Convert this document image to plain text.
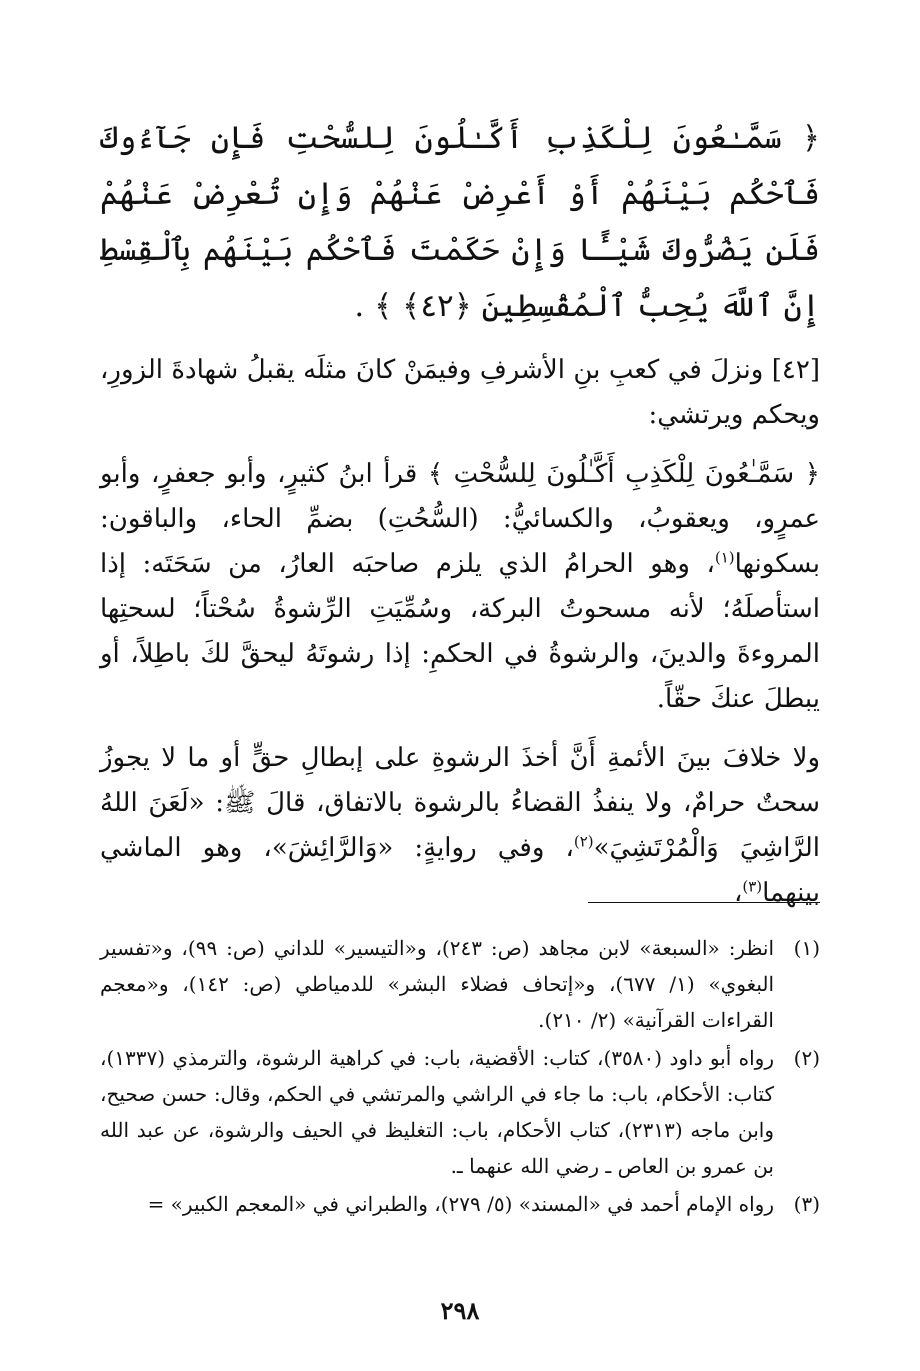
﴿ سَمَّـٰعُونَ لِلْكَذِبِ أَكَّـٰلُونَ لِلسُّحْتِ فَإِن جَآءُوكَ فَٱحْكُم بَيْنَهُمْ أَوْ أَعْرِضْ عَنْهُمْ وَإِن تُعْرِضْ عَنْهُمْ فَلَن يَضُرُّوكَ شَيْـًٔا وَإِنْ حَكَمْتَ فَٱحْكُم بَيْنَهُم بِٱلْقِسْطِ إِنَّ ٱللَّهَ يُحِبُّ ٱلْمُقْسِطِينَ ﴿٤٢﴾ ﴾ .

[٤٢] ونزلَ في كعبِ بنِ الأشرفِ وفيمَنْ كانَ مثلَه يقبلُ شهادةَ الزورِ، ويحكم ويرتشي:

﴿ سَمَّـٰعُونَ لِلْكَذِبِ أَكَّـٰلُونَ لِلسُّحْتِ ﴾ قرأ ابنُ كثيرٍ، وأبو جعفرٍ، وأبو عمرٍو، ويعقوبُ، والكسائيُّ: (السُّحُتِ) بضمِّ الحاء، والباقون: بسكونها$^{(١)}$، وهو الحرامُ الذي يلزم صاحبَه العارُ، من سَحَتَه: إذا استأصلَهُ؛ لأنه مسحوتُ البركة، وسُمِّيَتِ الرِّشوةُ سُحْتاً؛ لسحتِها المروءةَ والدينَ، والرشوةُ في الحكمِ: إذا رشوتَهُ ليحقَّ لكَ باطِلاً، أو يبطلَ عنكَ حقّاً.

ولا خلافَ بينَ الأئمةِ أَنَّ أخذَ الرشوةِ على إبطالِ حقٍّ أو ما لا يجوزُ سحتٌ حرامٌ، ولا ينفذُ القضاءُ بالرشوة بالاتفاق، قالَ ﷺ: «لَعَنَ اللهُ الرَّاشِيَ وَالْمُرْتَشِيَ»$^{(٢)}$، وفي روايةٍ: «وَالرَّائِشَ»، وهو الماشي بينهما$^{(٣)}$،

(١)
انظر: «السبعة» لابن مجاهد (ص: ٢٤٣)، و«التيسير» للداني (ص: ٩٩)، و«تفسير البغوي» (١/ ٦٧٧)، و«إتحاف فضلاء البشر» للدمياطي (ص: ١٤٢)، و«معجم القراءات القرآنية» (٢/ ٢١٠).
(٢)
رواه أبو داود (٣٥٨٠)، كتاب: الأقضية، باب: في كراهية الرشوة، والترمذي (١٣٣٧)، كتاب: الأحكام، باب: ما جاء في الراشي والمرتشي في الحكم، وقال: حسن صحيح، وابن ماجه (٢٣١٣)، كتاب الأحكام، باب: التغليظ في الحيف والرشوة، عن عبد الله بن عمرو بن العاص ـ رضي الله عنهما ـ.
(٣)
رواه الإمام أحمد في «المسند» (٥/ ٢٧٩)، والطبراني في «المعجم الكبير» =
٢٩٨
